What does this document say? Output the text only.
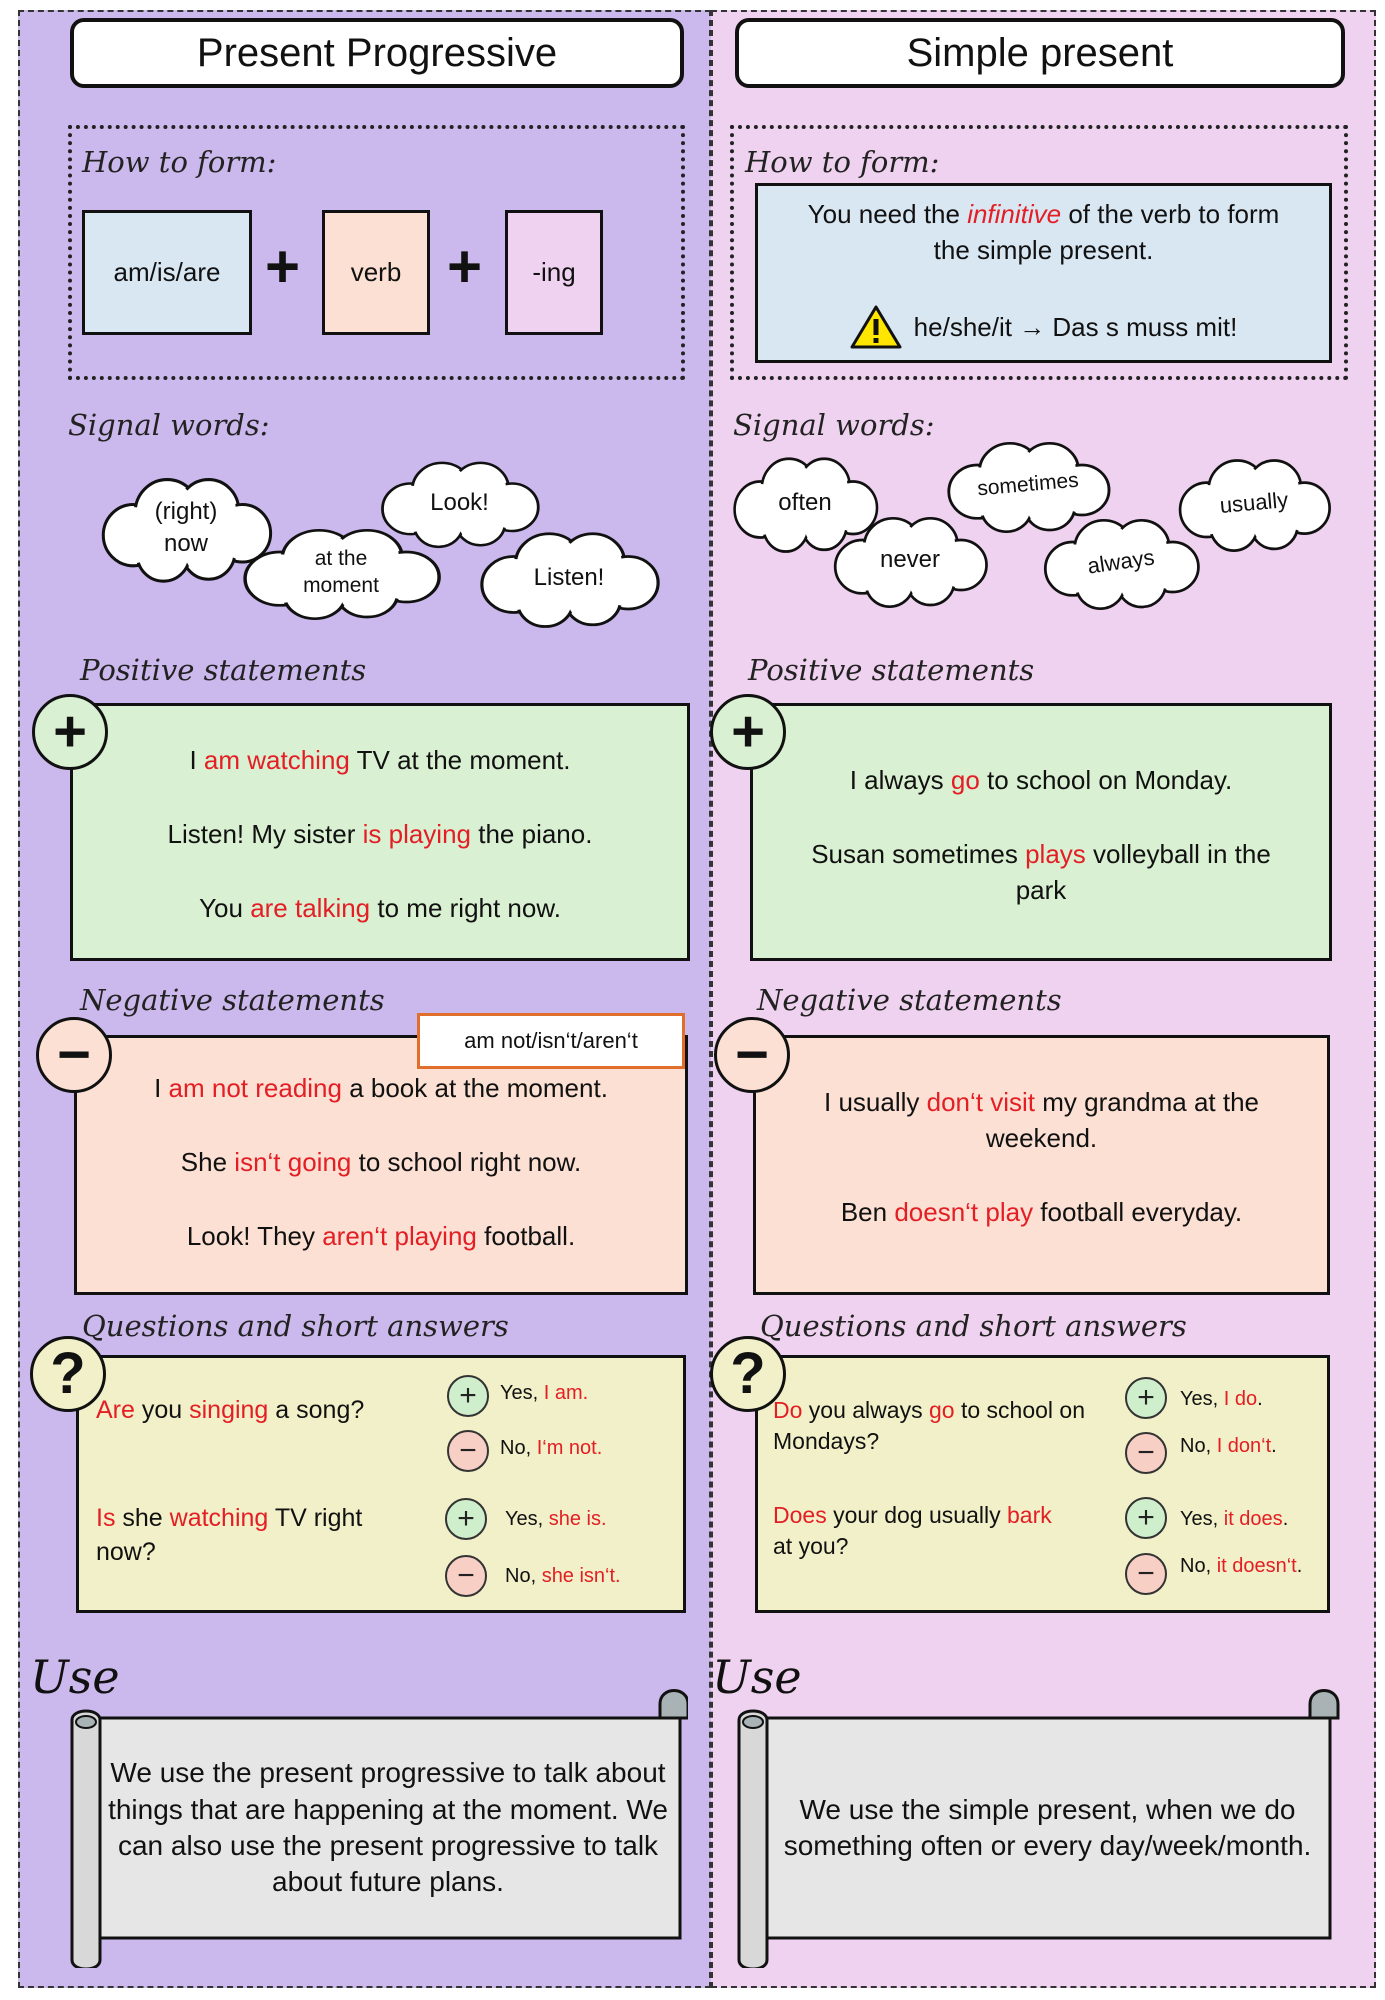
Present Progressive
How to form:
am/is/are +	verb +	-ing
Signal words:
(right) now
at the moment
Look!
Listen!
Positive statements
I am watching TV at the moment.
Listen! My sister is playing the piano.
You are talking to me right now.
+
Negative statements
I am not reading a book at the moment.
She isn‘t going to school right now.
Look! They aren‘t playing football.
−	am not/isn‘t/aren‘t
Questions and short answers
?
Are you singing a song?	+	Yes, I am.
−	No, I‘m not.
Is she watching TV right now?
+	Yes, she is.
−	No, she isn‘t.
Use
We use the present progressive to talk about things that are happening at the moment. We can also use the present progressive to talk about future plans.
Simple present
How to form:
You need the infinitive of the verb to form the simple present.
he/she/it → Das s muss mit!
Signal words:
often
never
sometimes
always
usually
Positive statements
I always go to school on Monday.
Susan sometimes plays volleyball in the park
+
Negative statements
I usually don‘t visit my grandma at the weekend.
Ben doesn‘t play football everyday.
−
Questions and short answers
?
Do you always go to school on Mondays?
+	Yes, I do.
−	No, I don‘t.
Does your dog usually bark at you?
+	Yes, it does.
−	No, it doesn‘t.
Use
We use the simple present, when we do something often or every day/week/month.
